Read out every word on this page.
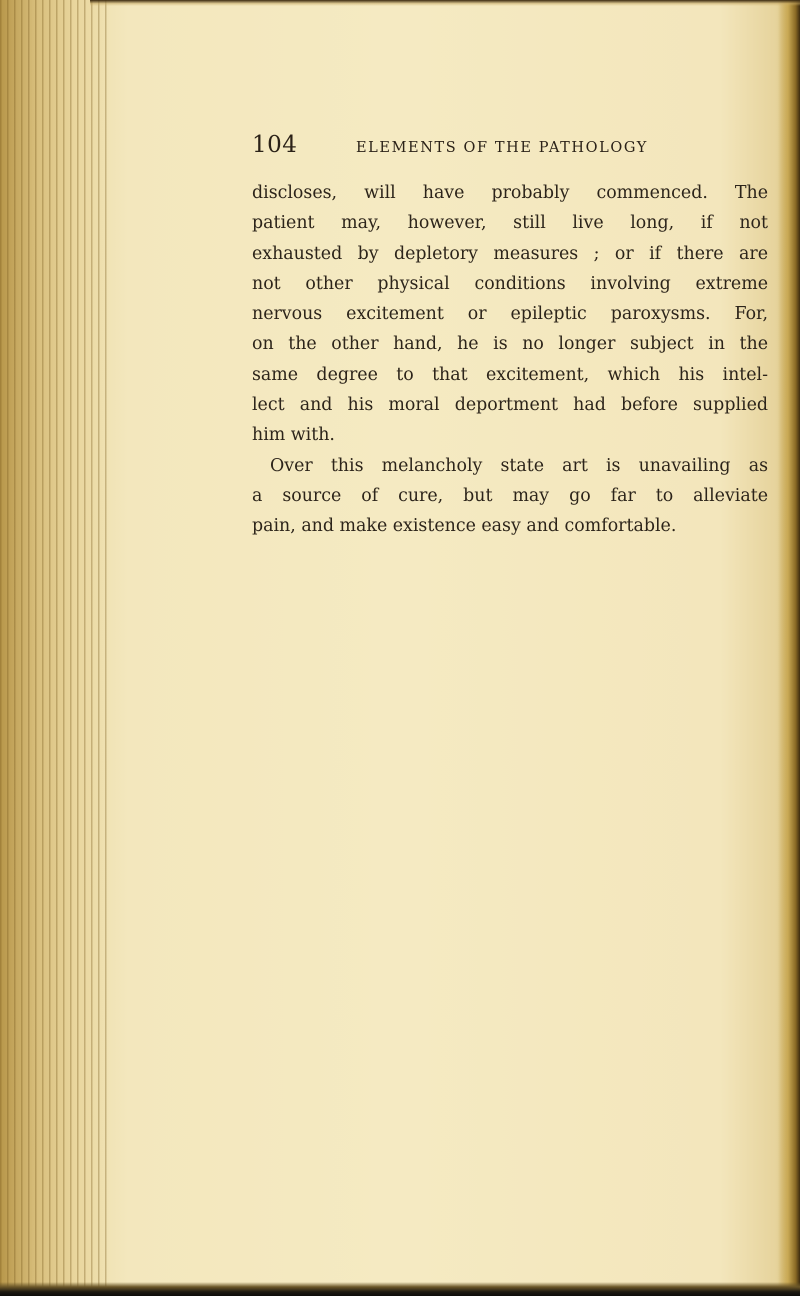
104	ELEMENTS OF THE PATHOLOGY
discloses, will have probably commenced. The
patient may, however, still live long, if not
exhausted by depletory measures ; or if there are
not other physical conditions involving extreme
nervous excitement or epileptic paroxysms. For,
on the other hand, he is no longer subject in the
same degree to that excitement, which his intel-
lect and his moral deportment had before supplied
him with.
Over this melancholy state art is unavailing as
a source of cure, but may go far to alleviate
pain, and make existence easy and comfortable.
